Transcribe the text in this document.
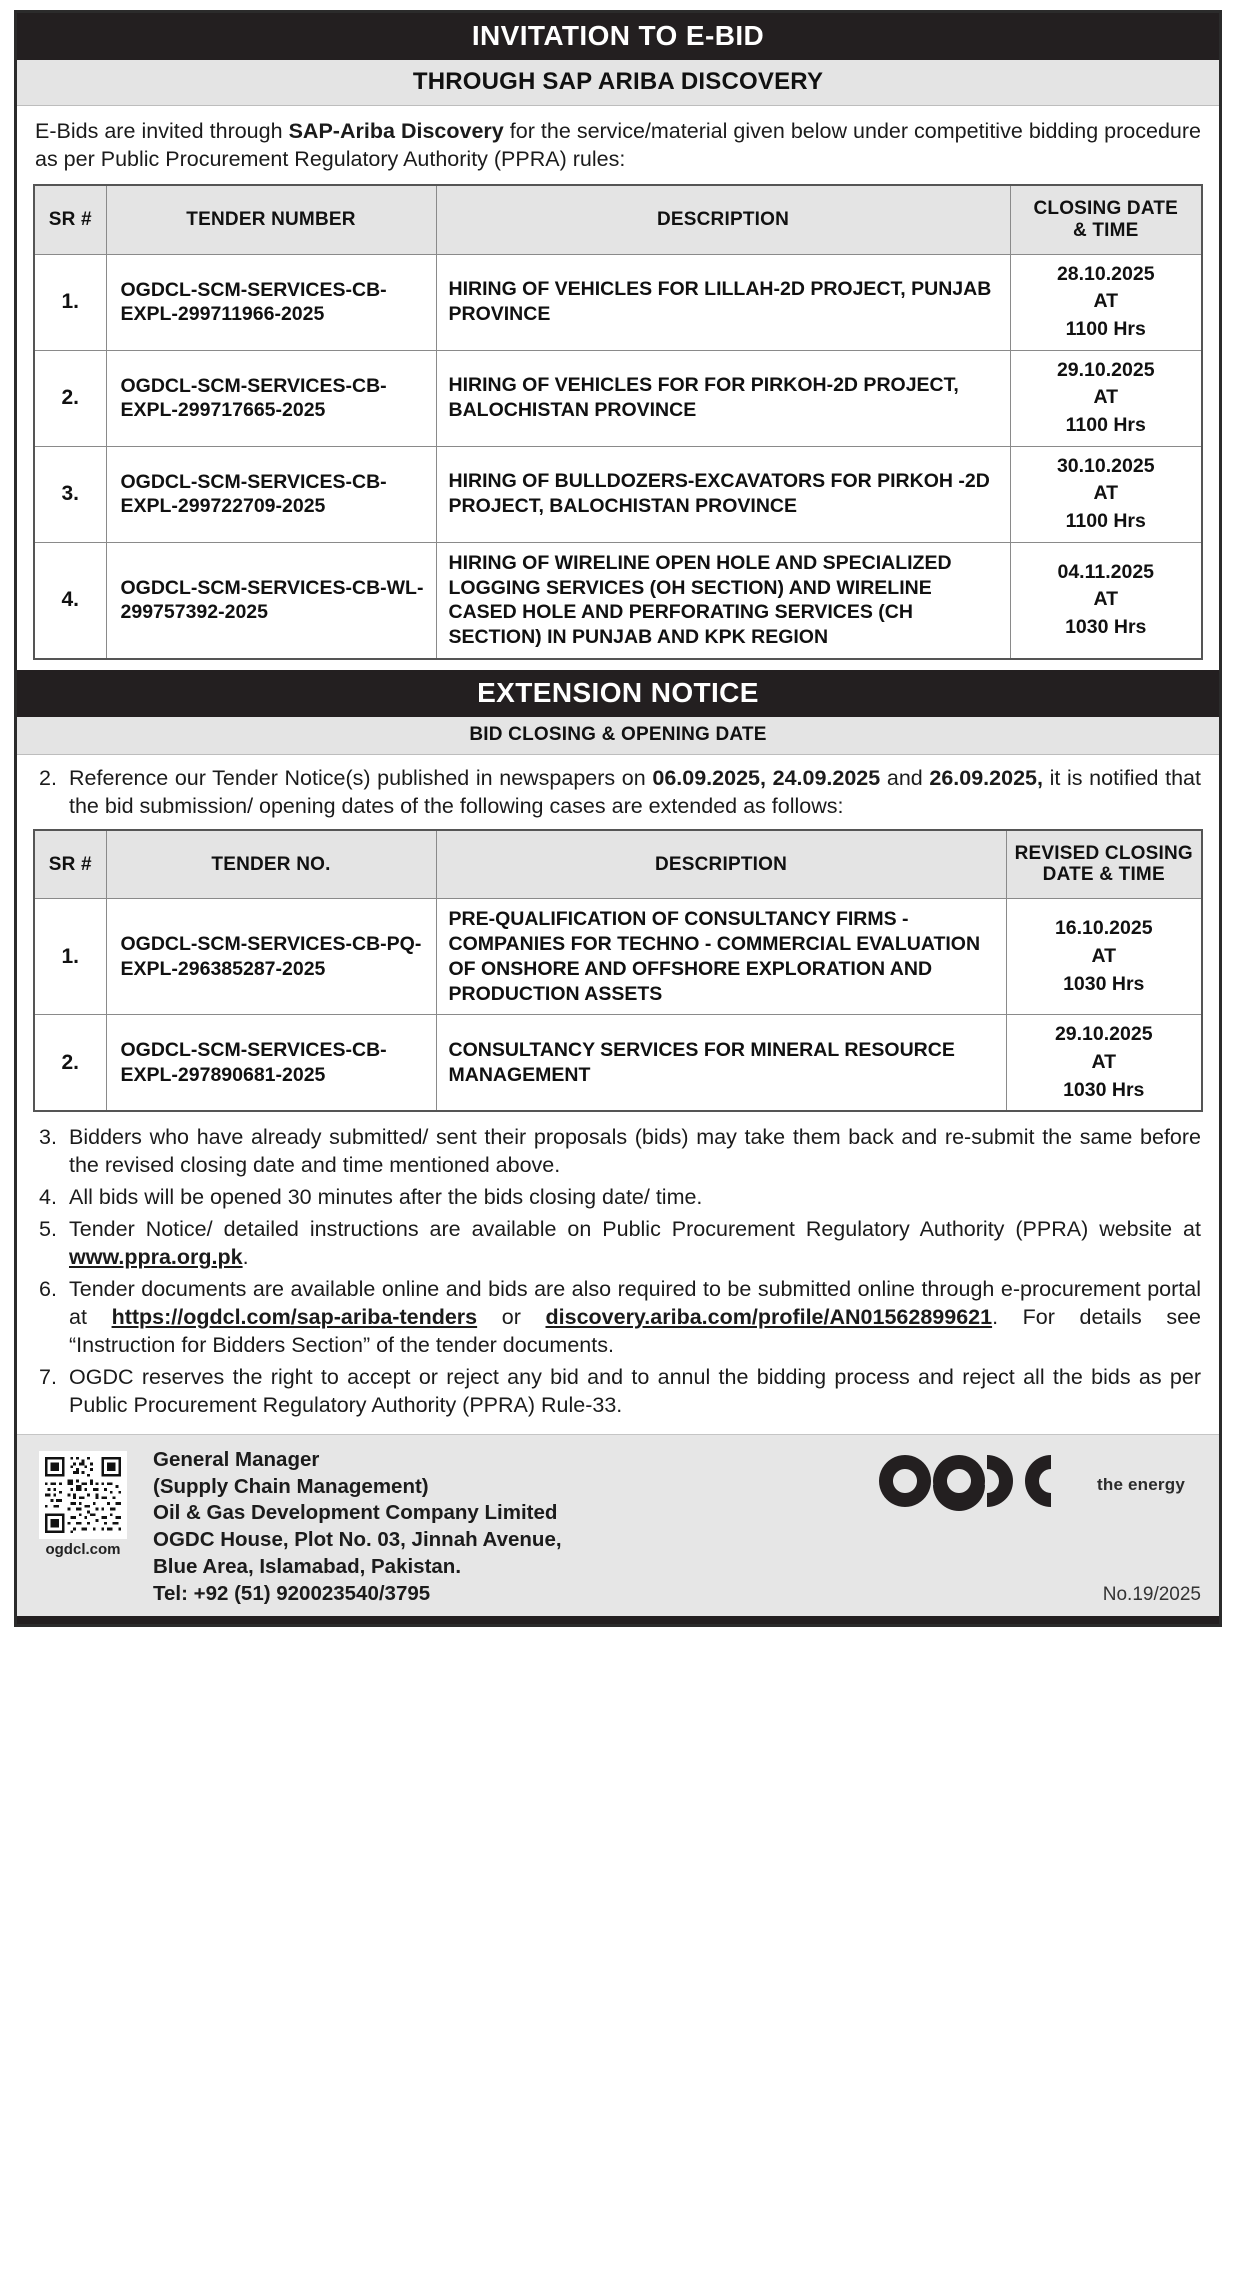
INVITATION TO E-BID
THROUGH SAP ARIBA DISCOVERY
E-Bids are invited through SAP-Ariba Discovery for the service/material given below under competitive bidding procedure as per Public Procurement Regulatory Authority (PPRA) rules:
SR #	TENDER NUMBER	DESCRIPTION	CLOSING DATE
& TIME
1.	OGDCL-SCM-SERVICES-CB-EXPL-299711966-2025	HIRING OF VEHICLES FOR LILLAH-2D PROJECT, PUNJAB PROVINCE	28.10.2025
AT
1100 Hrs

2.	OGDCL-SCM-SERVICES-CB-EXPL-299717665-2025	HIRING OF VEHICLES FOR FOR PIRKOH-2D PROJECT, BALOCHISTAN PROVINCE	29.10.2025
AT
1100 Hrs

3.	OGDCL-SCM-SERVICES-CB-EXPL-299722709-2025	HIRING OF BULLDOZERS-EXCAVATORS FOR PIRKOH -2D PROJECT, BALOCHISTAN PROVINCE	30.10.2025
AT
1100 Hrs

4.	OGDCL-SCM-SERVICES-CB-WL-299757392-2025	HIRING OF WIRELINE OPEN HOLE AND SPECIALIZED LOGGING SERVICES (OH SECTION) AND WIRELINE CASED HOLE AND PERFORATING SERVICES (CH SECTION) IN PUNJAB AND KPK REGION	04.11.2025
AT
1030 Hrs
EXTENSION NOTICE
BID CLOSING & OPENING DATE
2. Reference our Tender Notice(s) published in newspapers on 06.09.2025, 24.09.2025 and 26.09.2025, it is notified that the bid submission/ opening dates of the following cases are extended as follows:
SR #	TENDER NO.	DESCRIPTION	REVISED CLOSING
DATE & TIME
1.	OGDCL-SCM-SERVICES-CB-PQ-EXPL-296385287-2025	PRE-QUALIFICATION OF CONSULTANCY FIRMS - COMPANIES FOR TECHNO - COMMERCIAL EVALUATION OF ONSHORE AND OFFSHORE EXPLORATION AND PRODUCTION ASSETS	16.10.2025
AT
1030 Hrs

2.	OGDCL-SCM-SERVICES-CB-EXPL-297890681-2025	CONSULTANCY SERVICES FOR MINERAL RESOURCE MANAGEMENT	29.10.2025
AT
1030 Hrs
3. Bidders who have already submitted/ sent their proposals (bids) may take them back and re-submit the same before the revised closing date and time mentioned above.
4. All bids will be opened 30 minutes after the bids closing date/ time.
5. Tender Notice/ detailed instructions are available on Public Procurement Regulatory Authority (PPRA) website at www.ppra.org.pk.
6. Tender documents are available online and bids are also required to be submitted online through e-procurement portal at https://ogdcl.com/sap-ariba-tenders or discovery.ariba.com/profile/AN01562899621. For details see “Instruction for Bidders Section” of the tender documents.
7. OGDC reserves the right to accept or reject any bid and to annul the bidding process and reject all the bids as per Public Procurement Regulatory Authority (PPRA) Rule-33.
ogdcl.com
General Manager
(Supply Chain Management)
Oil & Gas Development Company Limited
OGDC House, Plot No. 03, Jinnah Avenue,
Blue Area, Islamabad, Pakistan.
Tel: +92 (51) 920023540/3795
the energy
No.19/2025
